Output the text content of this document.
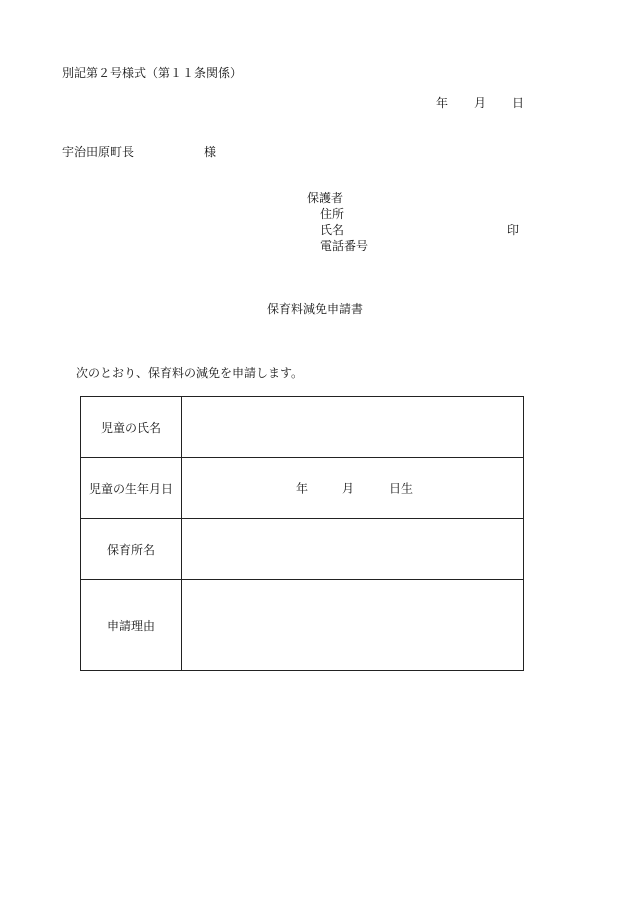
別記第２号様式（第１１条関係）
年 月 日
宇治田原町長	様
保護者
住所
氏名
電話番号
印
保育料減免申請書
次のとおり、保育料の減免を申請します。
児童の氏名	
児童の生年月日	年 月 日生

保育所名	
申請理由	
